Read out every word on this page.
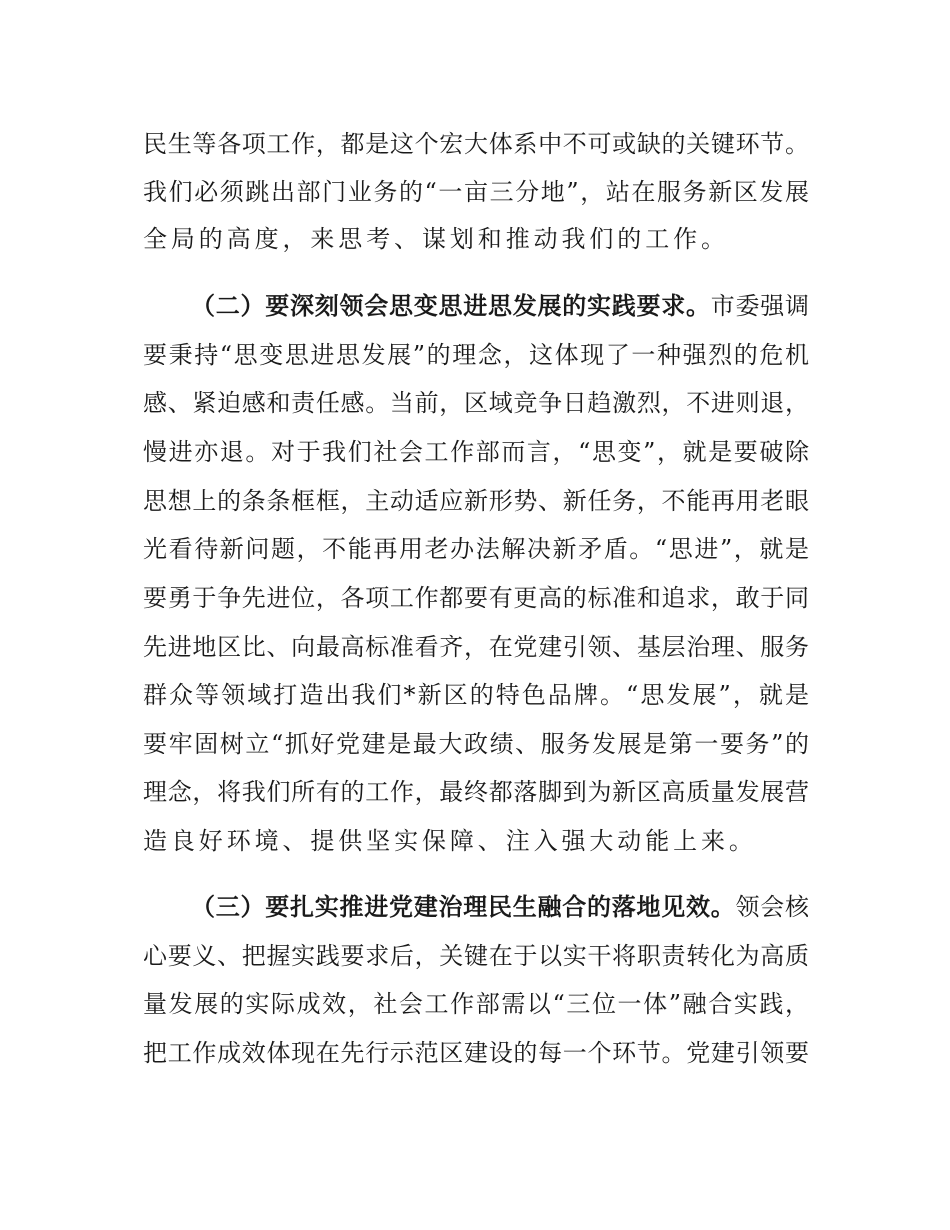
民生等各项工作，都是这个宏大体系中不可或缺的关键环节。
我们必须跳出部门业务的“一亩三分地”，站在服务新区发展
全局的高度，来思考、谋划和推动我们的工作。
（二）要深刻领会思变思进思发展的实践要求。市委强调
要秉持“思变思进思发展”的理念，这体现了一种强烈的危机
感、紧迫感和责任感。当前，区域竞争日趋激烈，不进则退，
慢进亦退。对于我们社会工作部而言，“思变”，就是要破除
思想上的条条框框，主动适应新形势、新任务，不能再用老眼
光看待新问题，不能再用老办法解决新矛盾。“思进”，就是
要勇于争先进位，各项工作都要有更高的标准和追求，敢于同
先进地区比、向最高标准看齐，在党建引领、基层治理、服务
群众等领域打造出我们*新区的特色品牌。“思发展”，就是
要牢固树立“抓好党建是最大政绩、服务发展是第一要务”的
理念，将我们所有的工作，最终都落脚到为新区高质量发展营
造良好环境、提供坚实保障、注入强大动能上来。
（三）要扎实推进党建治理民生融合的落地见效。领会核
心要义、把握实践要求后，关键在于以实干将职责转化为高质
量发展的实际成效，社会工作部需以“三位一体”融合实践，
把工作成效体现在先行示范区建设的每一个环节。党建引领要
